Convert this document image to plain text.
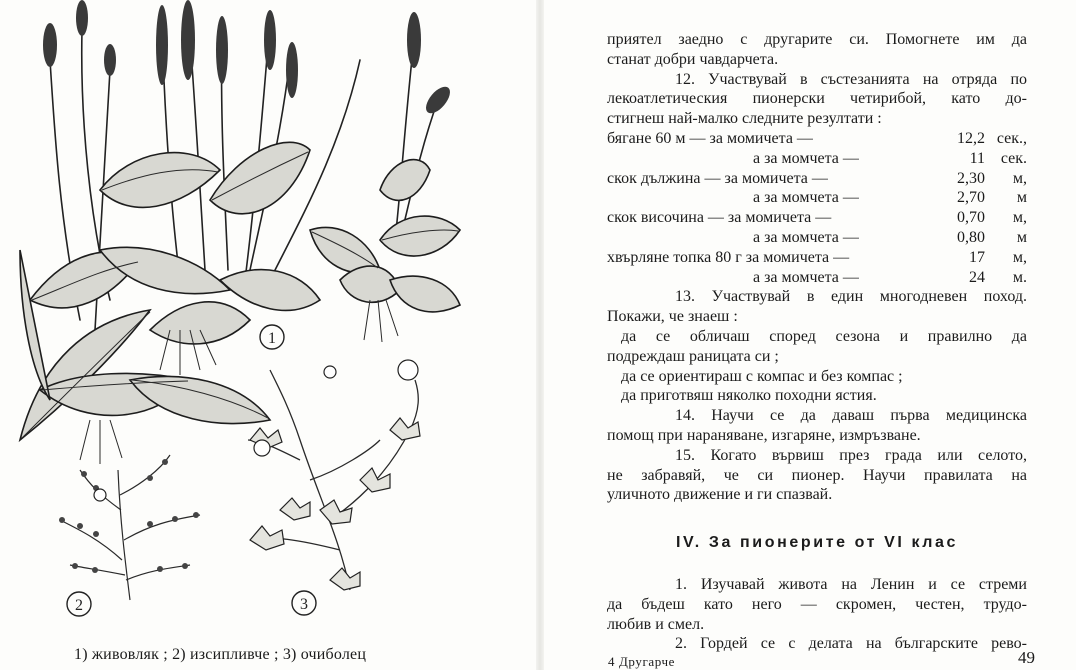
1
2	3
1) живовляк ; 2) изсипливче ; 3) очиболец

приятел заедно с другарите си. Помогнете им да

станат добри чавдарчета.

12. Участвувай в състезанията на отряда по

лекоатлетическия пионерски четирибой, като до-

стигнеш най-малко следните резултати :

бягане 60 м — за момичета —	12,2 сек.,
а за момчета —	11 сек.
скок дължина — за момичета —	2,30	м,
а за момчета —	2,70	м
скок височина — за момичета —	0,70	м,
а за момчета —	0,80	м
хвърляне топка 80 г за момичета —	17	м,
а за момчета —	24	м.

13. Участвувай в един многодневен поход.

Покажи, че знаеш :

да се обличаш според сезона и правилно да

подреждаш раницата си ;

да се ориентираш с компас и без компас ;

да приготвяш няколко походни ястия.

14. Научи се да даваш първа медицинска

помощ при нараняване, изгаряне, измръзване.

15. Когато вървиш през града или селото,

не забравяй, че си пионер. Научи правилата на

уличното движение и ги спазвай.

IV. За пионерите от VI клас

1. Изучавай живота на Ленин и се стреми

да бъдеш като него — скромен, честен, трудо-

любив и смел.

2. Гордей се с делата на българските рево-

4 Другарче	49
